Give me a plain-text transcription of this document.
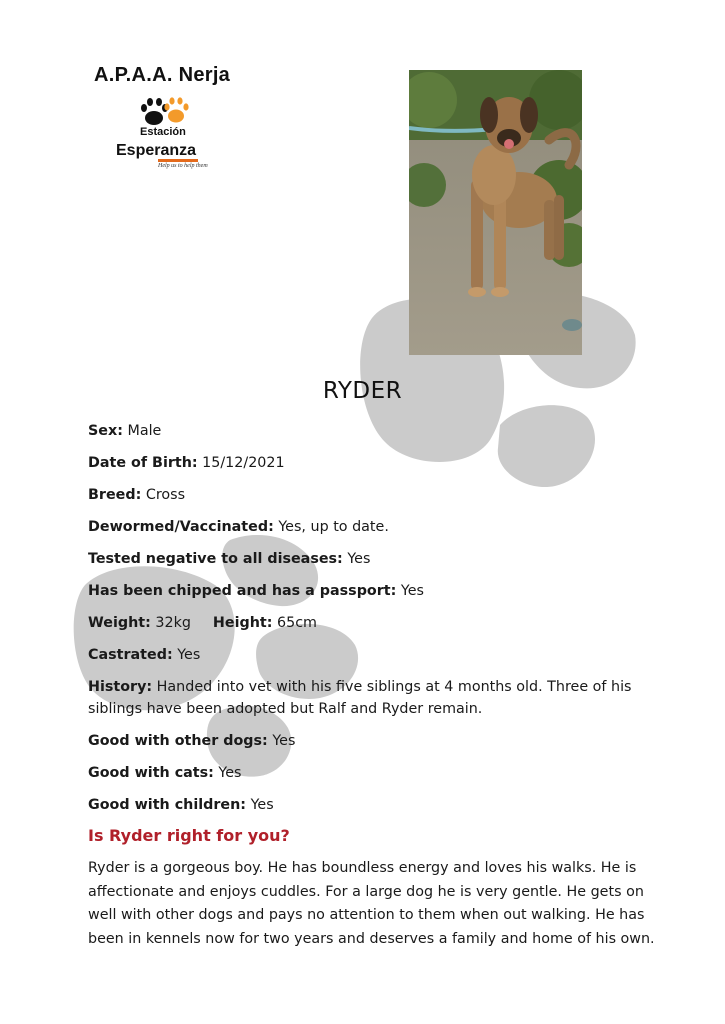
A.P.A.A. Nerja
Estación
Esperanza
Help us to help them
RYDER

Sex: Male

Date of Birth: 15/12/2021

Breed: Cross

Dewormed/Vaccinated: Yes, up to date.

Tested negative to all diseases: Yes

Has been chipped and has a passport: Yes

Weight: 32kg Height: 65cm

Castrated: Yes

History: Handed into vet with his five siblings at 4 months old. Three of his siblings have been adopted but Ralf and Ryder remain.

Good with other dogs: Yes

Good with cats: Yes

Good with children: Yes

Is Ryder right for you?
Ryder is a gorgeous boy. He has boundless energy and loves his walks. He is affectionate and enjoys cuddles. For a large dog he is very gentle. He gets on well with other dogs and pays no attention to them when out walking. He has been in kennels now for two years and deserves a family and home of his own.
